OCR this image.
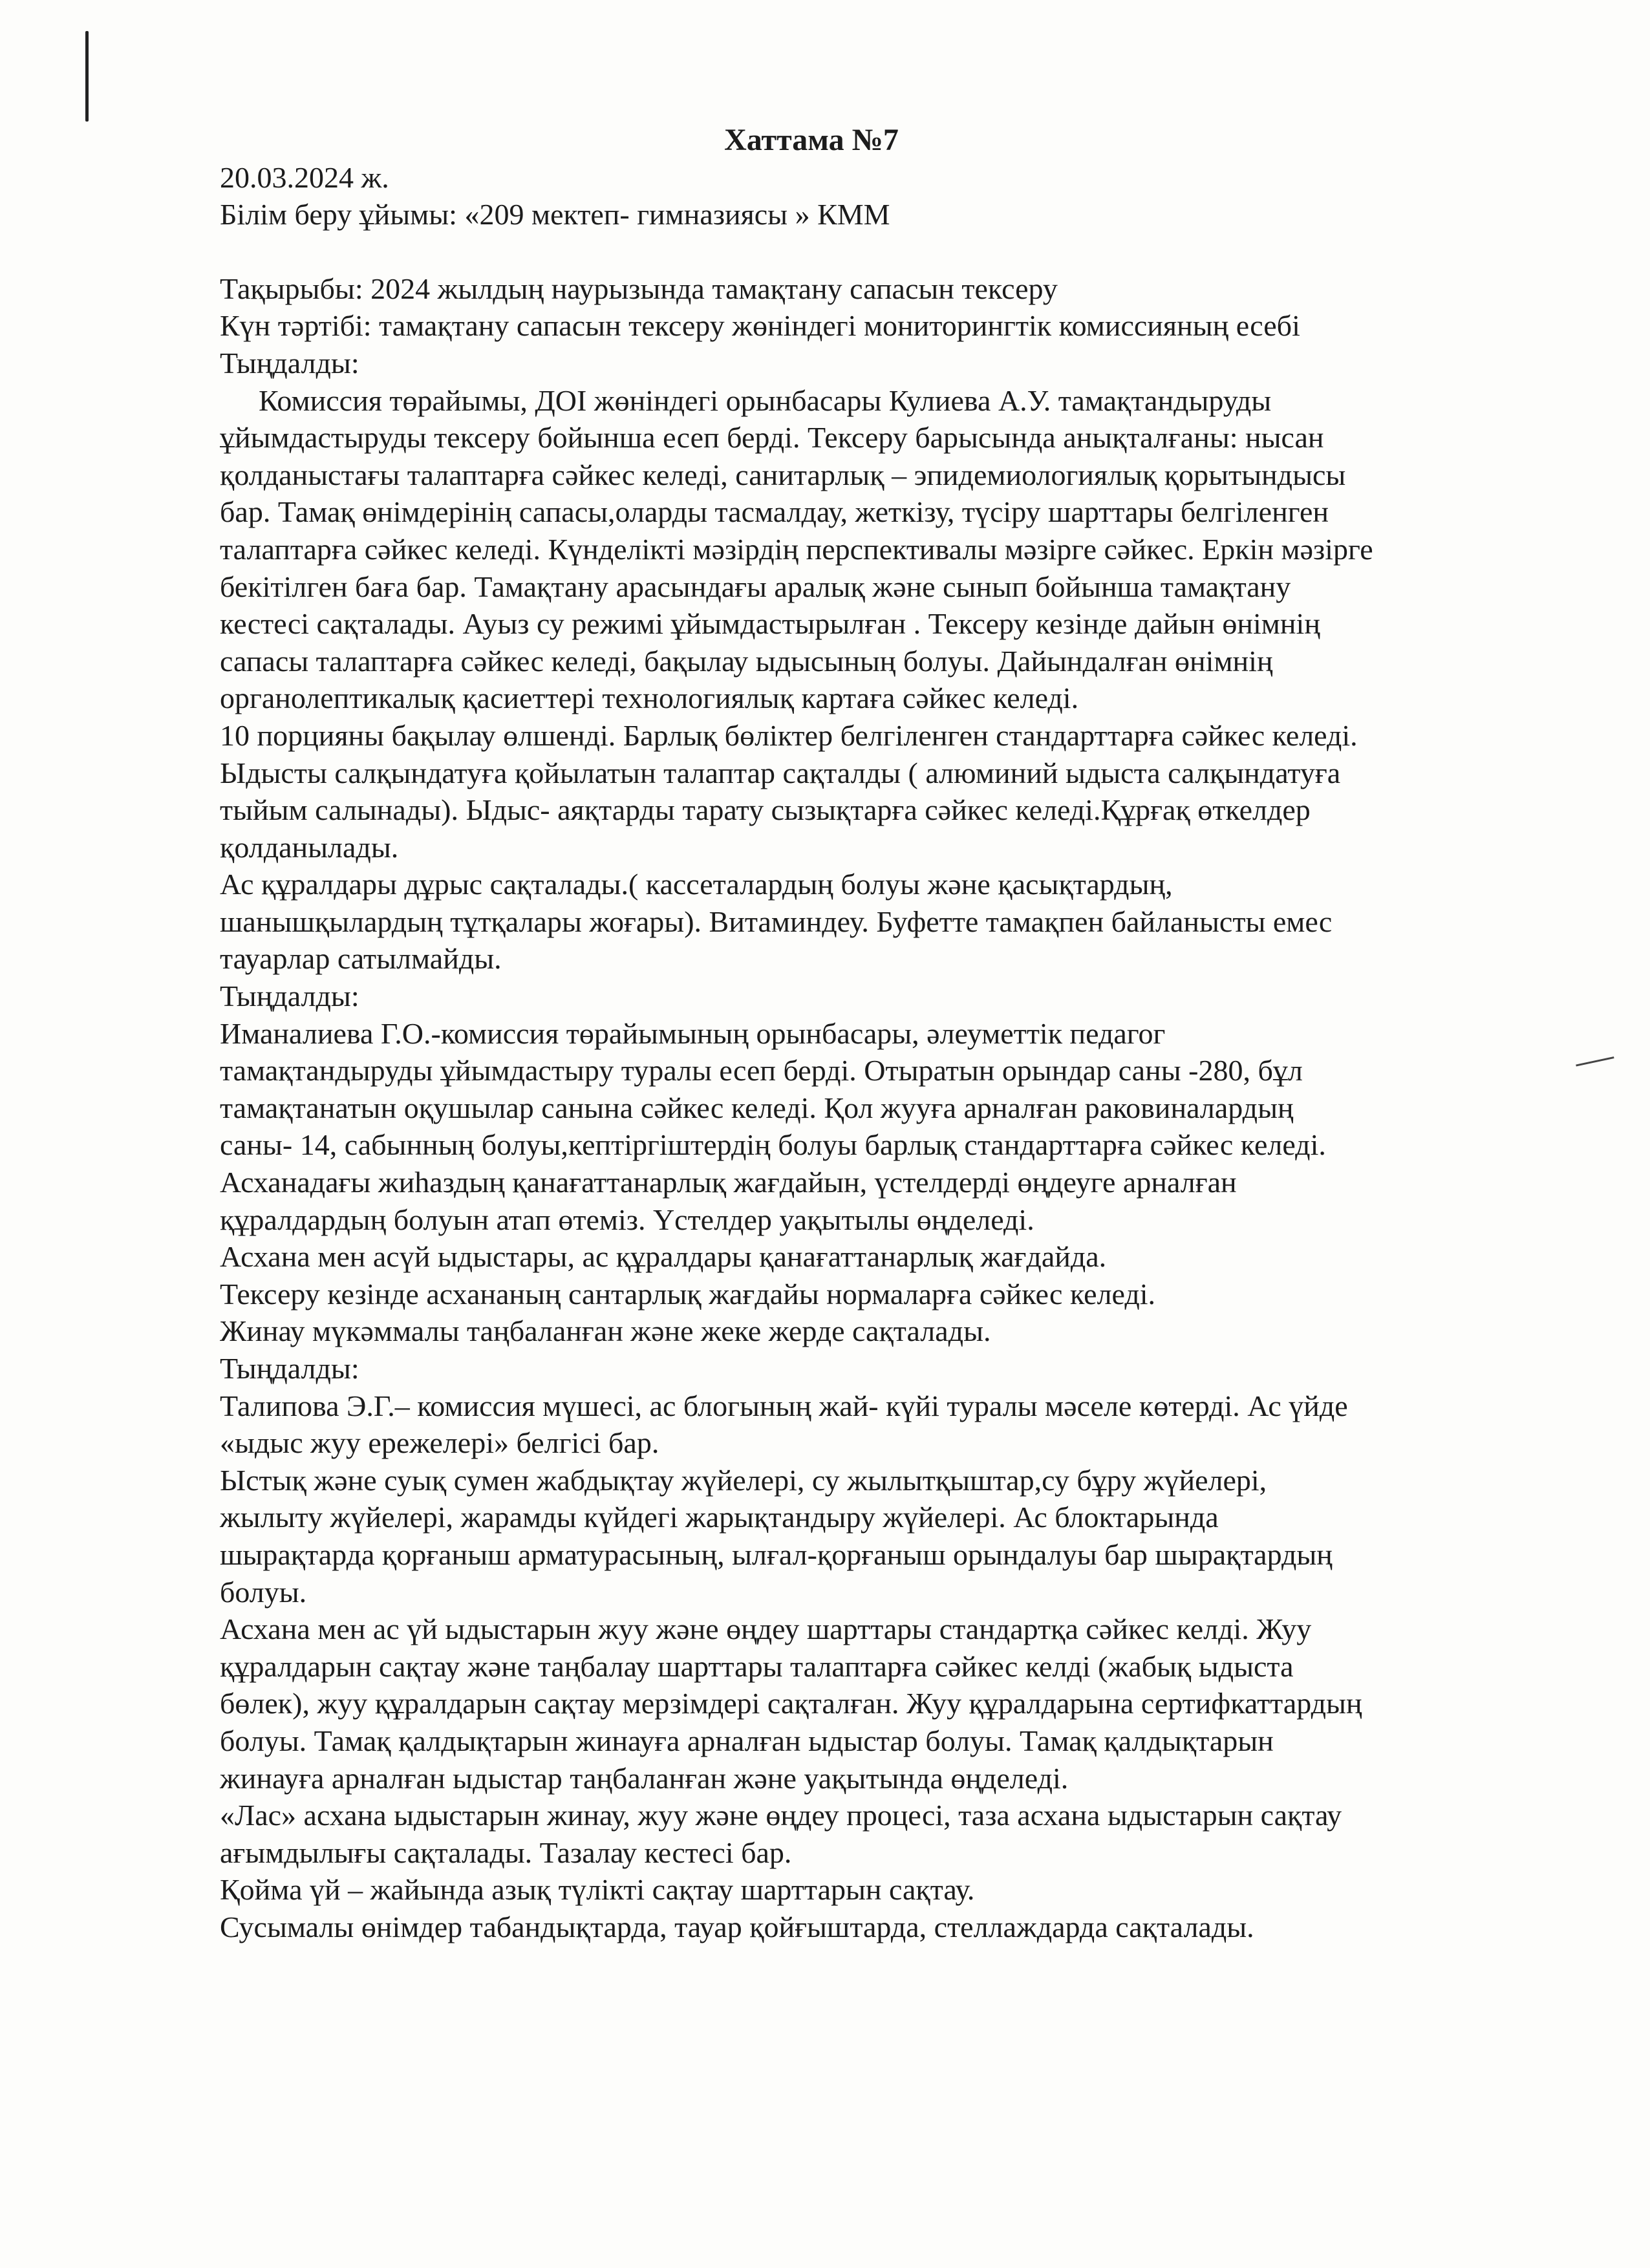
Хаттама №7
20.03.2024 ж.
Білім беру ұйымы: «209 мектеп- гимназиясы » КММ
Тақырыбы: 2024 жылдың наурызында тамақтану сапасын тексеру
Күн тәртібі: тамақтану сапасын тексеру жөніндегі мониторингтік комиссияның есебі
Тыңдалды:
Комиссия төрайымы, ДОІ жөніндегі орынбасары Кулиева А.У. тамақтандыруды
ұйымдастыруды тексеру бойынша есеп берді. Тексеру барысында анықталғаны: нысан
қолданыстағы талаптарға сәйкес келеді, санитарлық – эпидемиологиялық қорытындысы
бар. Тамақ өнімдерінің сапасы,оларды тасмалдау, жеткізу, түсіру шарттары белгіленген
талаптарға сәйкес келеді. Күнделікті мәзірдің перспективалы мәзірге сәйкес. Еркін мәзірге
бекітілген баға бар. Тамақтану арасындағы аралық және сынып бойынша тамақтану
кестесі сақталады. Ауыз су режимі ұйымдастырылған . Тексеру кезінде дайын өнімнің
сапасы талаптарға сәйкес келеді, бақылау ыдысының болуы. Дайындалған өнімнің
органолептикалық қасиеттері технологиялық картаға сәйкес келеді.
10 порцияны бақылау өлшенді. Барлық бөліктер белгіленген стандарттарға сәйкес келеді.
Ыдысты салқындатуға қойылатын талаптар сақталды ( алюминий ыдыста салқындатуға
тыйым салынады). Ыдыс- аяқтарды тарату сызықтарға сәйкес келеді.Құрғақ өткелдер
қолданылады.
Ас құралдары дұрыс сақталады.( кассеталардың болуы және қасықтардың,
шанышқылардың тұтқалары жоғары). Витаминдеу. Буфетте тамақпен байланысты емес
тауарлар сатылмайды.
Тыңдалды:
Иманалиева Г.О.-комиссия төрайымының орынбасары, әлеуметтік педагог
тамақтандыруды ұйымдастыру туралы есеп берді. Отыратын орындар саны -280, бұл
тамақтанатын оқушылар санына сәйкес келеді. Қол жууға арналған раковиналардың
саны- 14, сабынның болуы,кептіргіштердің болуы барлық стандарттарға сәйкес келеді.
Асханадағы жиһаздың қанағаттанарлық жағдайын, үстелдерді өңдеуге арналған
құралдардың болуын атап өтеміз. Үстелдер уақытылы өңделеді.
Асхана мен асүй ыдыстары, ас құралдары қанағаттанарлық жағдайда.
Тексеру кезінде асхананың сантарлық жағдайы нормаларға сәйкес келеді.
Жинау мүкәммалы таңбаланған және жеке жерде сақталады.
Тыңдалды:
Талипова Э.Г.– комиссия мүшесі, ас блогының жай- күйі туралы мәселе көтерді. Ас үйде
«ыдыс жуу ережелері» белгісі бар.
Ыстық және суық сумен жабдықтау жүйелері, су жылытқыштар,су бұру жүйелері,
жылыту жүйелері, жарамды күйдегі жарықтандыру жүйелері. Ас блоктарында
шырақтарда қорғаныш арматурасының, ылғал-қорғаныш орындалуы бар шырақтардың
болуы.
Асхана мен ас үй ыдыстарын жуу және өңдеу шарттары стандартқа сәйкес келді. Жуу
құралдарын сақтау және таңбалау шарттары талаптарға сәйкес келді (жабық ыдыста
бөлек), жуу құралдарын сақтау мерзімдері сақталған. Жуу құралдарына сертифкаттардың
болуы. Тамақ қалдықтарын жинауға арналған ыдыстар болуы. Тамақ қалдықтарын
жинауға арналған ыдыстар таңбаланған және уақытында өңделеді.
«Лас» асхана ыдыстарын жинау, жуу және өңдеу процесі, таза асхана ыдыстарын сақтау
ағымдылығы сақталады. Тазалау кестесі бар.
Қойма үй – жайында азық түлікті сақтау шарттарын сақтау.
Сусымалы өнімдер табандықтарда, тауар қойғыштарда, стеллаждарда сақталады.
